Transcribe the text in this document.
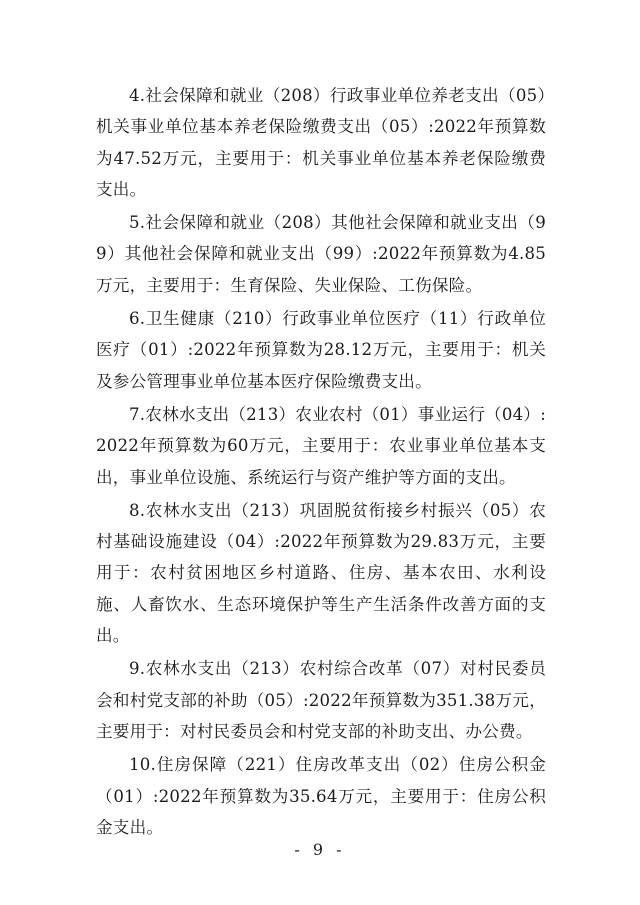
4.社会保障和就业（208）行政事业单位养老支出（05）机关事业单位基本养老保险缴费支出（05）:2022年预算数为47.52万元，主要用于：机关事业单位基本养老保险缴费支出。

5.社会保障和就业（208）其他社会保障和就业支出（99）其他社会保障和就业支出（99）:2022年预算数为4.85万元，主要用于：生育保险、失业保险、工伤保险。

6.卫生健康（210）行政事业单位医疗（11）行政单位医疗（01）:2022年预算数为28.12万元，主要用于：机关及参公管理事业单位基本医疗保险缴费支出。

7.农林水支出（213）农业农村（01）事业运行（04）:2022年预算数为60万元，主要用于：农业事业单位基本支出，事业单位设施、系统运行与资产维护等方面的支出。

8.农林水支出（213）巩固脱贫衔接乡村振兴（05）农村基础设施建设（04）:2022年预算数为29.83万元，主要用于：农村贫困地区乡村道路、住房、基本农田、水利设施、人畜饮水、生态环境保护等生产生活条件改善方面的支出。

9.农林水支出（213）农村综合改革（07）对村民委员会和村党支部的补助（05）:2022年预算数为351.38万元，主要用于：对村民委员会和村党支部的补助支出、办公费。

10.住房保障（221）住房改革支出（02）住房公积金（01）:2022年预算数为35.64万元，主要用于：住房公积金支出。

- 9 -
